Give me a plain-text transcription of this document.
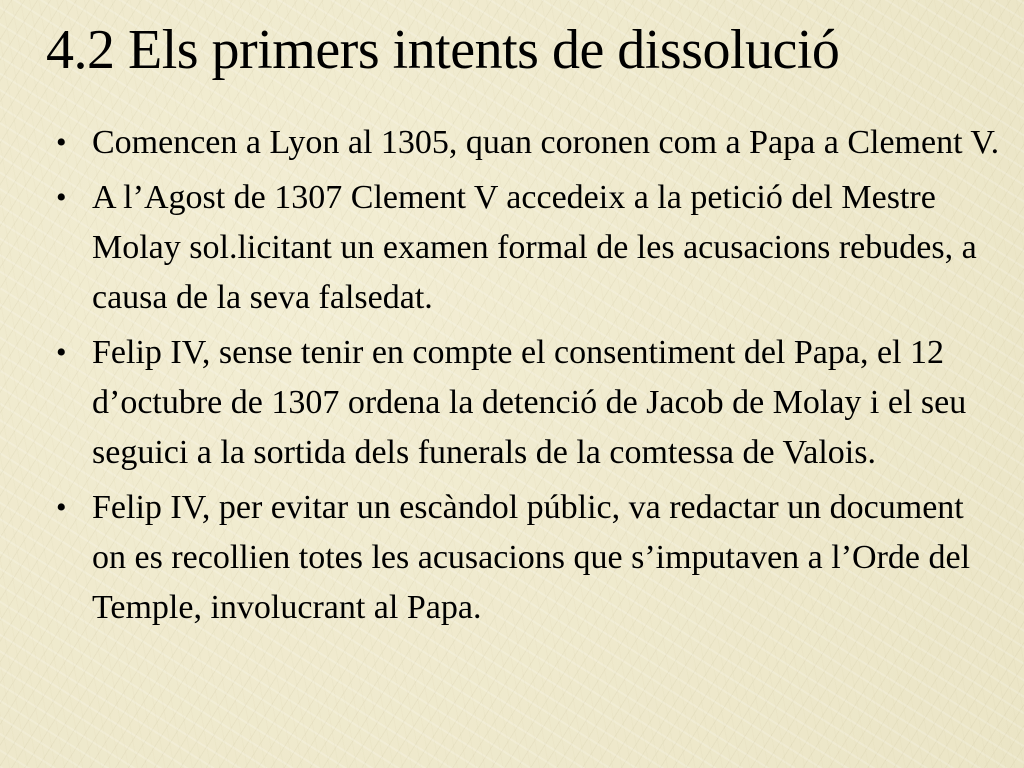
4.2 Els primers intents de dissolució
• Comencen a Lyon al 1305, quan coronen com a Papa a Clement V.
• A l’Agost de 1307 Clement V accedeix a la petició del Mestre Molay sol.licitant un examen formal de les acusacions rebudes, a causa de la seva falsedat.
• Felip IV, sense tenir en compte el consentiment del Papa, el 12 d’octubre de 1307 ordena la detenció de Jacob de Molay i el seu seguici a la sortida dels funerals de la comtessa de Valois.
• Felip IV, per evitar un escàndol públic, va redactar un document on es recollien totes les acusacions que s’imputaven a l’Orde del Temple, involucrant al Papa.
